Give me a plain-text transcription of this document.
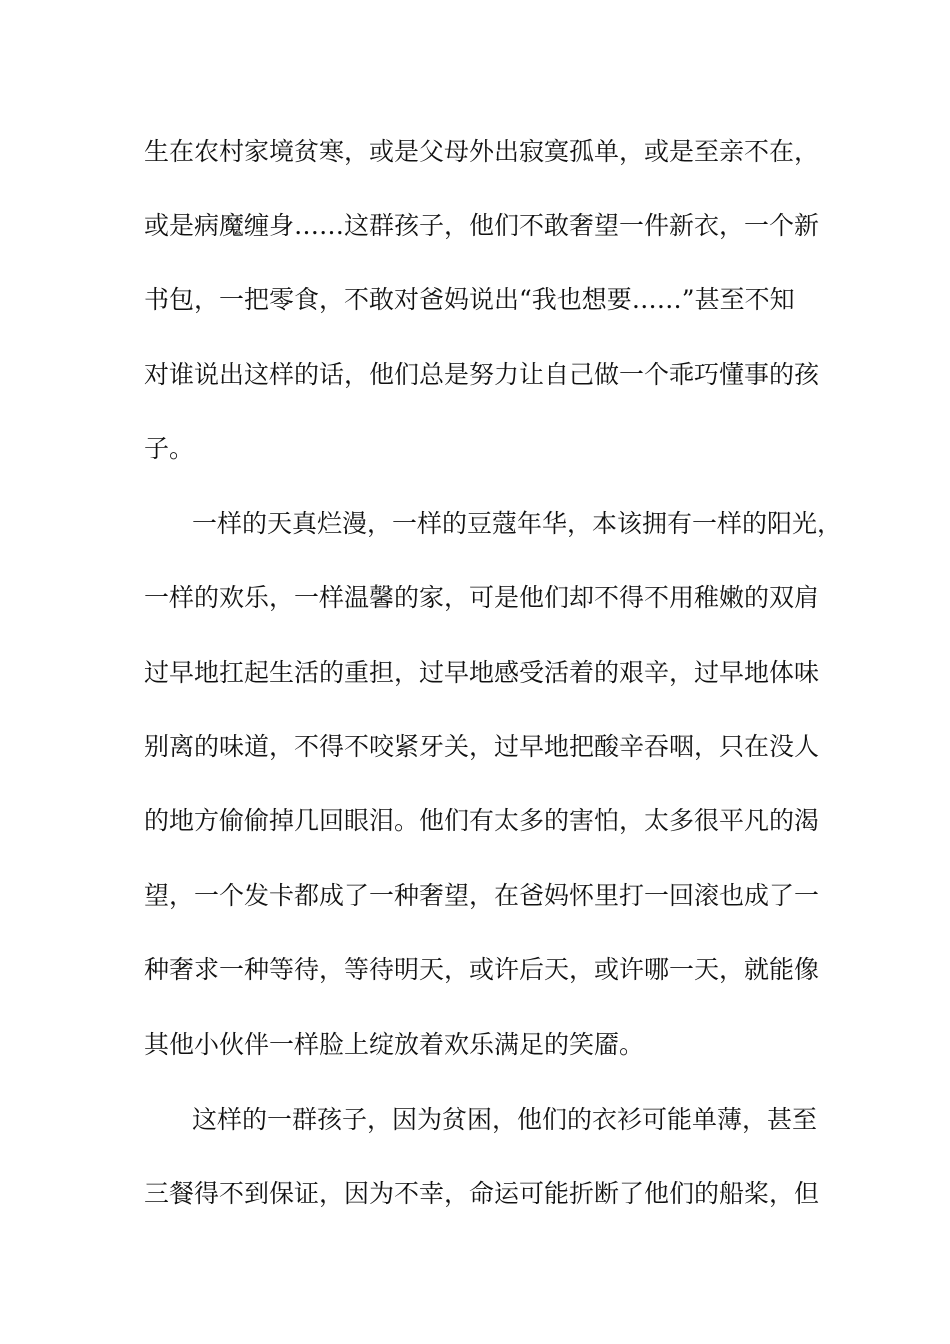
生在农村家境贫寒，或是父母外出寂寞孤单，或是至亲不在，

或是病魔缠身……这群孩子，他们不敢奢望一件新衣，一个新

书包，一把零食，不敢对爸妈说出“我也想要……”甚至不知

对谁说出这样的话，他们总是努力让自己做一个乖巧懂事的孩

子。

一样的天真烂漫，一样的豆蔻年华，本该拥有一样的阳光，

一样的欢乐，一样温馨的家，可是他们却不得不用稚嫩的双肩

过早地扛起生活的重担，过早地感受活着的艰辛，过早地体味

别离的味道，不得不咬紧牙关，过早地把酸辛吞咽，只在没人

的地方偷偷掉几回眼泪。他们有太多的害怕，太多很平凡的渴

望，一个发卡都成了一种奢望，在爸妈怀里打一回滚也成了一

种奢求一种等待，等待明天，或许后天，或许哪一天，就能像

其他小伙伴一样脸上绽放着欢乐满足的笑靥。

这样的一群孩子，因为贫困，他们的衣衫可能单薄，甚至

三餐得不到保证，因为不幸，命运可能折断了他们的船桨，但
